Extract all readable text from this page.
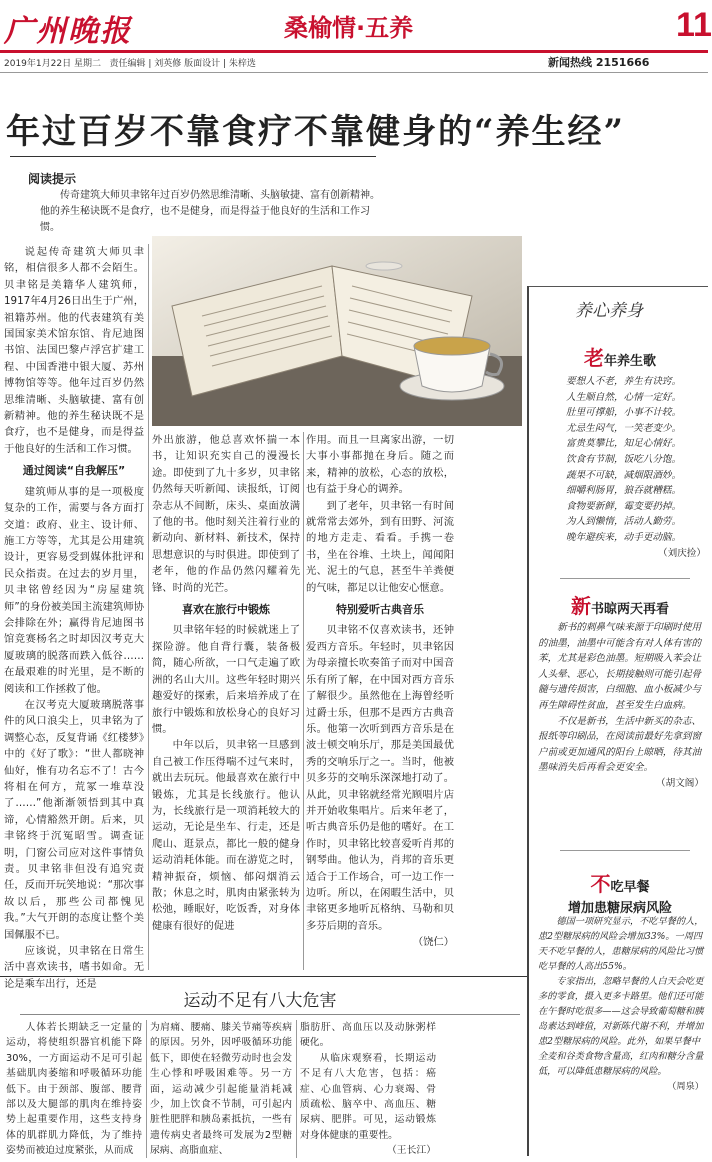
广州晚报	桑榆情·五养	11
2019年1月22日 星期二 责任编辑 | 刘英修 版面设计 | 朱梓选	新闻热线 2151666
年过百岁不靠食疗不靠健身的“养生经”
阅读提示
传奇建筑大师贝聿铭年过百岁仍然思维清晰、头脑敏捷、富有创新精神。他的养生秘诀既不是食疗，也不是健身，而是得益于他良好的生活和工作习惯。

说起传奇建筑大师贝聿铭，相信很多人都不会陌生。贝聿铭是美籍华人建筑师，1917年4月26日出生于广州，祖籍苏州。他的代表建筑有美国国家美术馆东馆、肯尼迪图书馆、法国巴黎卢浮宫扩建工程、中国香港中银大厦、苏州博物馆等等。他年过百岁仍然思维清晰、头脑敏捷、富有创新精神。他的养生秘诀既不是食疗，也不是健身，而是得益于他良好的生活和工作习惯。

通过阅读“自我解压”

建筑师从事的是一项极度复杂的工作，需要与各方面打交道：政府、业主、设计师、施工方等等，尤其是公用建筑设计，更容易受到媒体批评和民众指责。在过去的岁月里，贝聿铭曾经因为“房屋建筑师”的身份被美国主流建筑师协会排除在外；赢得肯尼迪图书馆竞赛杨名之时却因汉考克大厦玻璃的脱落而跌入低谷……在最艰难的时光里，是不断的阅读和工作拯救了他。

在汉考克大厦玻璃脱落事件的风口浪尖上，贝聿铭为了调整心态，反复背诵《红楼梦》中的《好了歌》：“世人都晓神仙好，惟有功名忘不了！古今将相在何方，荒冢一堆草没了……”他渐渐领悟到其中真谛，心情豁然开朗。后来，贝聿铭终于沉冤昭雪。调查证明，门窗公司应对这件事情负责。贝聿铭非但没有追究责任，反而开玩笑地说：“那次事故以后，那些公司都愧见我。”大气开朗的态度让整个美国佩服不已。

应该说，贝聿铭在日常生活中喜欢读书，嗜书如命。无论是乘车出行，还是

外出旅游，他总喜欢怀揣一本书，让知识充实自己的漫漫长途。即使到了九十多岁，贝聿铭仍然每天听新闻、读报纸，订阅杂志从不间断，床头、桌面放满了他的书。他时刻关注着行业的新动向、新材料、新技术，保持思想意识的与时俱进。即使到了老年，他的作品仍然闪耀着先锋、时尚的光芒。

喜欢在旅行中锻炼

贝聿铭年轻的时候就迷上了探险游。他自背行囊，装备极简，随心所欲，一口气走遍了欧洲的名山大川。这些年轻时期兴趣爱好的探索，后来培养成了在旅行中锻炼和放松身心的良好习惯。

中年以后，贝聿铭一旦感到自己被工作压得喘不过气来时，就出去玩玩。他最喜欢在旅行中锻炼，尤其是长线旅行。他认为，长线旅行是一项消耗较大的运动，无论是坐车、行走，还是爬山、逛景点，都比一般的健身运动消耗体能。而在游览之时，精神振奋，烦恼、郁闷烟消云散；休息之时，肌肉由紧张转为松弛，睡眠好，吃饭香，对身体健康有很好的促进

作用。而且一旦离家出游，一切大事小事都抛在身后。随之而来，精神的放松，心态的放松，也有益于身心的调养。

到了老年，贝聿铭一有时间就常常去郊外，到有田野、河流的地方走走、看看。手携一卷书，坐在谷堆、土块上，闻闻阳光、泥土的气息，甚至牛羊粪便的气味，都足以让他安心惬意。

特别爱听古典音乐

贝聿铭不仅喜欢读书，还钟爱西方音乐。年轻时，贝聿铭因为母亲擅长吹奏笛子而对中国音乐有所了解，在中国对西方音乐了解很少。虽然他在上海曾经听过爵士乐，但那不是西方古典音乐。他第一次听到西方音乐是在波士顿交响乐厅，那是美国最优秀的交响乐厅之一。当时，他被贝多芬的交响乐深深地打动了。从此，贝聿铭就经常光顾唱片店并开始收集唱片。后来年老了，听古典音乐仍是他的嗜好。在工作时，贝聿铭比较喜爱听肖邦的钢琴曲。他认为，肖邦的音乐更适合于工作场合，可一边工作一边听。所以，在闲暇生活中，贝聿铭更多地听瓦格纳、马勒和贝多芬后期的音乐。

（饶仁）

养心养身
老年养生歌

要想人不老，养生有诀窍。

人生顺自然，心情一定好。

肚里可撑船，小事不计较。

尤忌生闷气，一笑老变少。

富贵莫攀比，知足心情好。

饮食有节制，饭吃八分饱。

蔬果不可缺，减烟限酒妙。

细嚼利肠胃，狼吞就糟糕。

食物要新鲜，霉变要扔掉。

为人到懒惰，活动人勤劳。

晚年避疾来，动手更动脑。

（刘庆捡）

新书晾两天再看

新书的刺鼻气味来源于印刷时使用的油墨，油墨中可能含有对人体有害的苯，尤其是彩色油墨。短期吸入苯会让人头晕、恶心，长期接触则可能引起骨髓与遗传损害，白细胞、血小板减少与再生障碍性贫血，甚至发生白血病。

不仅是新书，生活中新买的杂志、报纸等印刷品，在阅读前最好先拿到窗户前或更加通风的阳台上晾晒，待其油墨味消失后再看会更安全。

（胡文阁）

不吃早餐
增加患糖尿病风险

德国一项研究显示，不吃早餐的人，患2型糖尿病的风险会增加33%。一周四天不吃早餐的人，患糖尿病的风险比习惯吃早餐的人高出55%。

专家指出，忽略早餐的人白天会吃更多的零食，摄入更多卡路里。他们还可能在午餐时吃很多——这会导致葡萄糖和胰岛素达到峰值，对新陈代谢不利，并增加患2型糖尿病的风险。此外，如果早餐中全麦和谷类食物含量高，红肉和糖分含量低，可以降低患糖尿病的风险。

（周泉）

运动不足有八大危害

人体若长期缺乏一定量的运动，将使组织器官机能下降30%，一方面运动不足可引起基础肌肉萎缩和呼吸循环功能低下。由于颈部、腹部、腰背部以及大腿部的肌肉在维持姿势上起重要作用，这些支持身体的肌群肌力降低，为了维持姿势而被迫过度紧张，从而成

为肩痛、腰痛、膝关节痛等疾病的原因。另外，因呼吸循环功能低下，即使在轻微劳动时也会发生心悸和呼吸困难等。另一方面，运动减少引起能量消耗减少，加上饮食不节制，可引起内脏性肥胖和胰岛素抵抗，一些有遗传病史者最终可发展为2型糖尿病、高脂血症、

脂肪肝、高血压以及动脉粥样硬化。

从临床观察看，长期运动不足有八大危害，包括：癌症、心血管病、心力衰竭、骨质疏松、脑卒中、高血压、糖尿病、肥胖。可见，运动锻炼对身体健康的重要性。

（王长江）
